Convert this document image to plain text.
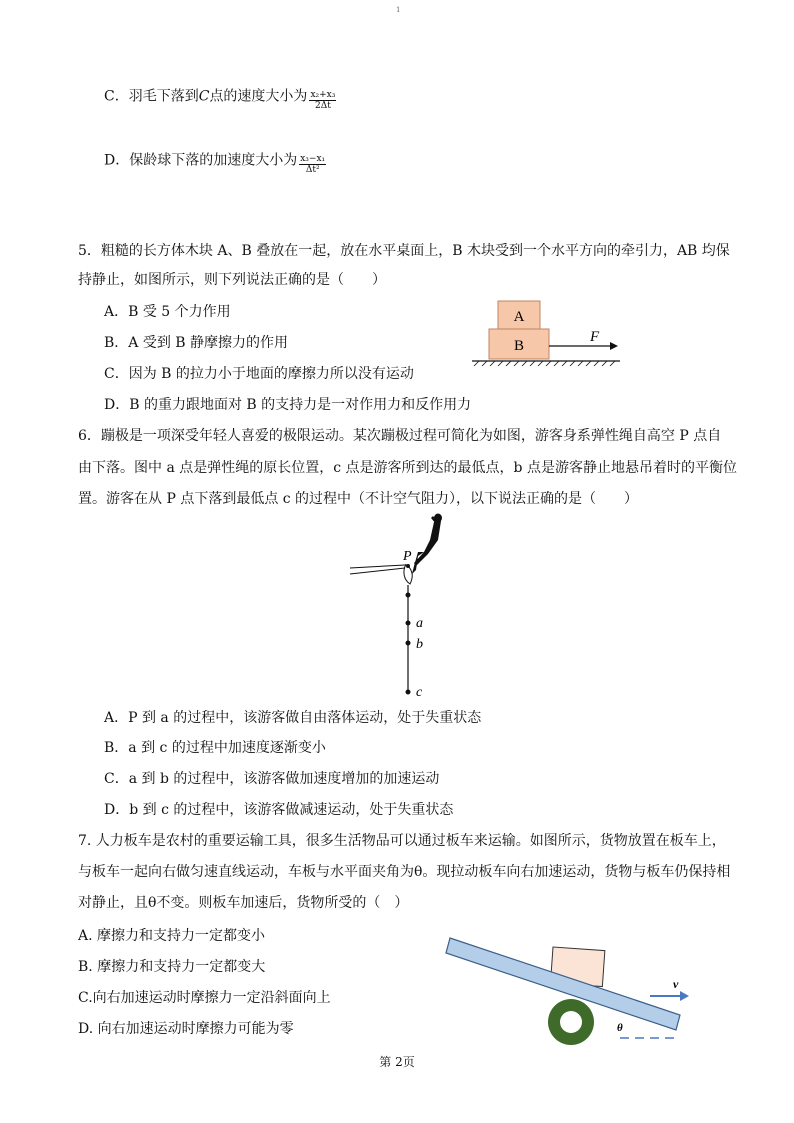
1
C．羽毛下落到C点的速度大小为 $\frac{\text{x₂+x₃}}{2\Delta t}$
D．保龄球下落的加速度大小为 $\frac{\text{x₃−x₁}}{\text{Δt²}}$
5．粗糙的长方体木块 A、B 叠放在一起，放在水平桌面上，B 木块受到一个水平方向的牵引力，AB 均保
持静止，如图所示，则下列说法正确的是（　　）
A．B 受 5 个力作用
B．A 受到 B 静摩擦力的作用
C．因为 B 的拉力小于地面的摩擦力所以没有运动
D．B 的重力跟地面对 B 的支持力是一对作用力和反作用力
A
B
F
6．蹦极是一项深受年轻人喜爱的极限运动。某次蹦极过程可简化为如图，游客身系弹性绳自高空 P 点自
由下落。图中 a 点是弹性绳的原长位置，c 点是游客所到达的最低点，b 点是游客静止地悬吊着时的平衡位
置。游客在从 P 点下落到最低点 c 的过程中（不计空气阻力），以下说法正确的是（　　）
P
a
b
c
A．P 到 a 的过程中，该游客做自由落体运动，处于失重状态
B．a 到 c 的过程中加速度逐渐变小
C．a 到 b 的过程中，该游客做加速度增加的加速运动
D．b 到 c 的过程中，该游客做减速运动，处于失重状态
7. 人力板车是农村的重要运输工具，很多生活物品可以通过板车来运输。如图所示，货物放置在板车上，
与板车一起向右做匀速直线运动，车板与水平面夹角为θ。现拉动板车向右加速运动，货物与板车仍保持相
对静止，且θ不变。则板车加速后，货物所受的（　）
A. 摩擦力和支持力一定都变小
B. 摩擦力和支持力一定都变大
C.向右加速运动时摩擦力一定沿斜面向上
D. 向右加速运动时摩擦力可能为零
v
θ
第 2页
